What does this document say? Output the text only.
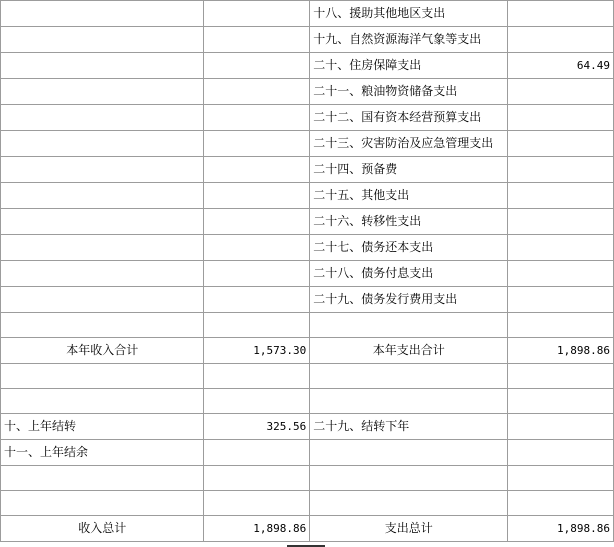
		十八、援助其他地区支出	
		十九、自然资源海洋气象等支出	
		二十、住房保障支出	64.49
		二十一、粮油物资储备支出	
		二十二、国有资本经营预算支出	
		二十三、灾害防治及应急管理支出	
		二十四、预备费	
		二十五、其他支出	
		二十六、转移性支出	
		二十七、债务还本支出	
		二十八、债务付息支出	
		二十九、债务发行费用支出	

本年收入合计	1,573.30	本年支出合计	1,898.86

十、上年结转	325.56	二十九、结转下年	
十一、上年结余			

收入总计	1,898.86	支出总计	1,898.86
